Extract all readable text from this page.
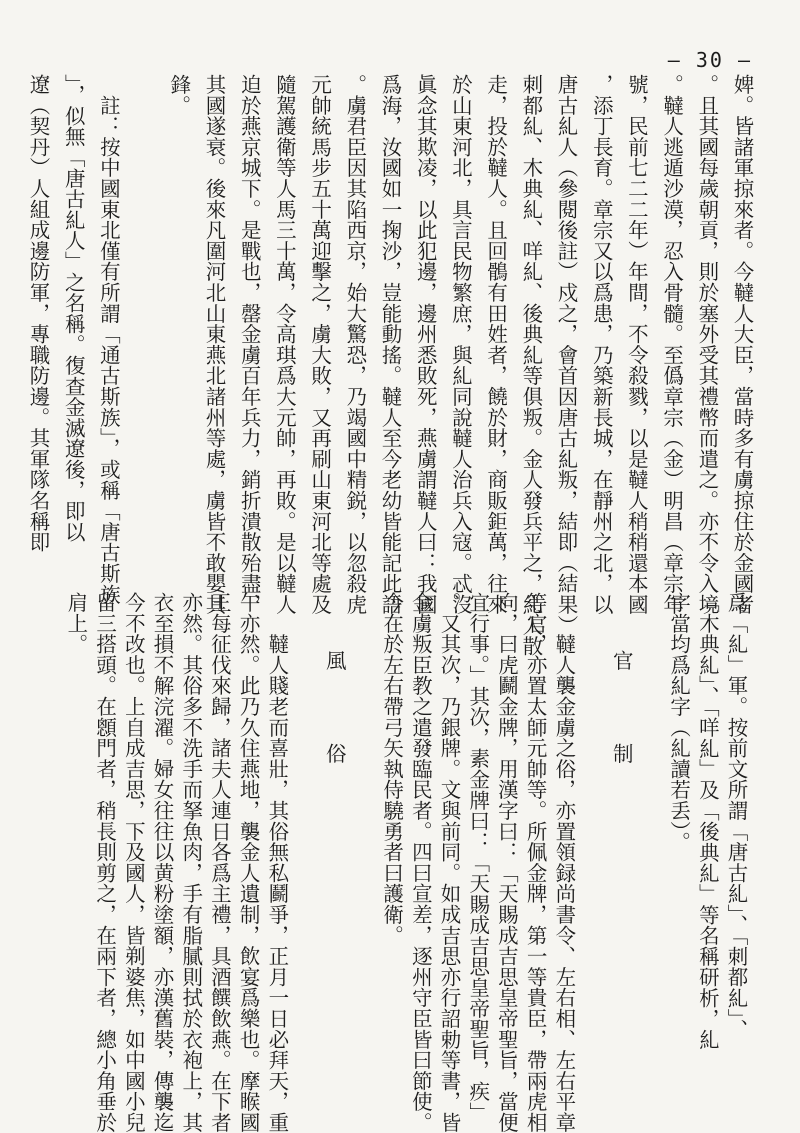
— 30 —
婢。皆諸軍掠來者。今韃人大臣，當時多有虜掠住於金國者
。且其國每歲朝貢，則於塞外受其禮幣而遣之。亦不令入境
。韃人逃遁沙漠，忍入骨髓。至僞章宗（金）明昌（章宗年
號，民前七二二年）年間，不令殺戮，以是韃人稍稍還本國
，添丁長育。章宗又以爲患，乃築新長城，在靜州之北，以
唐古糺人（參閱後註）戍之，會首因唐古糺叛，結即（結果）
刺都糺、木典糺、咩糺、後典糺等俱叛。金人發兵平之，糺人散
走，投於韃人。且回鶻有田姓者，饒於財，商販鉅萬，往來
於山東河北，具言民物繁庶，與糺同說韃人治兵入寇。忒沒
眞念其欺凌，以此犯邊，邊州悉敗死，燕虜謂韃人曰：我國
爲海，汝國如一掬沙，豈能動搖。韃人至今老幼皆能記此語
。虜君臣因其陷西京，始大驚恐，乃竭國中精鋭，以忽殺虎
元帥統馬步五十萬迎擊之，虜大敗，又再刷山東河北等處及
隨駕護衛等人馬三十萬，令高琪爲大元帥，再敗。是以韃人
迫於燕京城下。是戰也，罄金虜百年兵力，銷折潰散殆盡，
其國遂衰。後來凡圍河北山東燕北諸州等處，虜皆不敢嬰其
鋒。
　註：按中國東北僅有所謂「通古斯族」，或稱「唐古斯族
」，似無「唐古糺人」之名稱。復查金滅遼後，即以
遼（契丹）人組成邊防軍，專職防邊。其軍隊名稱即
爲「糺」軍。按前文所謂「唐古糺」、「刺都糺」、
「木典糺」、「咩糺」及「後典糺」等名稱研析，糺
字當均爲糺字（糺讀若丢）。
官　制
　　韃人襲金虜之俗，亦置領録尚書令、左右相、左右平章
等官，亦置太師元帥等。所佩金牌，第一等貴臣，帶兩虎相
向，曰虎鬬金牌，用漢字曰：「天賜成吉思皇帝聖旨，當便
宜行事。」其次，素金牌曰：「天賜成吉思皇帝聖旨，疾」
。又其次，乃銀牌。文與前同。如成吉思亦行詔勅等書，皆
金虜叛臣教之遣發臨民者。四曰宣差，逐州守臣皆曰節使。
今在於左右帶弓矢執侍驍勇者曰護衛。
風　俗
　　韃人賤老而喜壯，其俗無私鬬爭，正月一日必拜天，重
午亦然。此乃久住燕地，襲金人遺制，飲宴爲樂也。摩睺國
王每征伐來歸，諸夫人連日各爲主禮，具酒饌飲燕。在下者
亦然。其俗多不洗手而拏魚肉，手有脂膩則拭於衣袍上，其
衣至損不解浣濯。婦女往往以黄粉塗額，亦漢舊裝，傳襲迄
今不改也。上自成吉思，下及國人，皆剃婆焦，如中國小兒
留三搭頭。在顖門者，稍長則剪之，在兩下者，總小角垂於
肩上。
